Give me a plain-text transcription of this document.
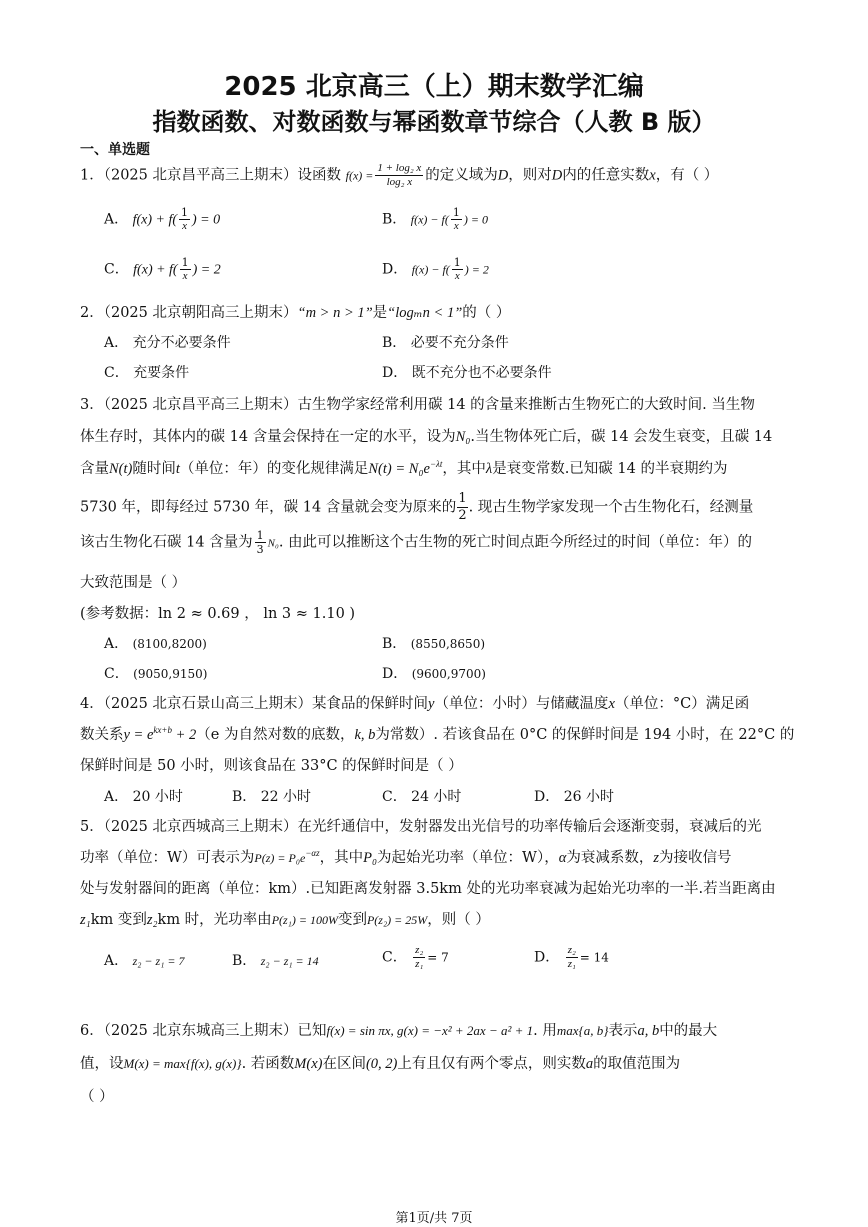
2025 北京高三（上）期末数学汇编
指数函数、对数函数与幂函数章节综合（人教 B 版）
一、单选题
1．（2025 北京昌平高三上期末）设函数 $f(x) = \frac{\text{1 + log₂ x}}{\text{log₂ x}}$ 的定义域为D，则对D内的任意实数x，有（ ）
A． $f(x) + f( \frac{1}{x}$ ) = 0	B． $f(x) - f( \frac{1}{x}$ ) = 0
C． $f(x) + f( \frac{1}{x}$ ) = 2	D． $f(x) - f( \frac{1}{x}$ ) = 2
2．（2025 北京朝阳高三上期末）“m > n > 1”是“logₘn < 1”的（ ）
A． 充分不必要条件	B． 必要不充分条件
C． 充要条件	D． 既不充分也不必要条件
3．（2025 北京昌平高三上期末）古生物学家经常利用碳 14 的含量来推断古生物死亡的大致时间. 当生物
体生存时，其体内的碳 14 含量会保持在一定的水平，设为N₀.当生物体死亡后，碳 14 会发生衰变，且碳 14
含量N(t)随时间t（单位：年）的变化规律满足$N(t) = N_0e^{-\lambda t}$，其中λ是衰变常数.已知碳 14 的半衰期约为
5730 年，即每经过 5730 年，碳 14 含量就会变为原来的 $\frac{1}{2}$ . 现古生物学家发现一个古生物化石，经测量
该古生物化石碳 14 含量为 $\frac{1}{3} N_0$. 由此可以推断这个古生物的死亡时间点距今所经过的时间（单位：年）的
大致范围是（ ）
(参考数据：ln 2 ≈ 0.69 ， ln 3 ≈ 1.10 )
A． (8100,8200)	B． (8550,8650)
C． (9050,9150)	D． (9600,9700)
4．（2025 北京石景山高三上期末）某食品的保鲜时间y（单位：小时）与储藏温度x（单位：°C）满足函
数关系$y = e^{kx+b} + 2(e$ 为自然对数的底数，k, b为常数）. 若该食品在 0°C 的保鲜时间是 194 小时，在 22°C 的
保鲜时间是 50 小时，则该食品在 33°C 的保鲜时间是（ ）
A． 20 小时	B． 22 小时	C． 24 小时	D． 26 小时
5．（2025 北京西城高三上期末）在光纤通信中，发射器发出光信号的功率传输后会逐渐变弱，衰减后的光
功率（单位：W）可表示为$P(z) = P_0e^{-\alpha z}$，其中P₀为起始光功率（单位：W），α为衰减系数，z为接收信号
处与发射器间的距离（单位：km）.已知距离发射器 3.5km 处的光功率衰减为起始光功率的一半.若当距离由
z₁km 变到z₂km 时，光功率由P(z₁) = 100W变到P(z₂) = 25W，则（ ）
A． z₂ − z₁ = 7	B． z₂ − z₁ = 14	C． $\frac{\text{z₂}}{\text{z₁}} = 7$	D． $\frac{\text{z₂}}{\text{z₁}} = 14$
6．（2025 北京东城高三上期末）已知f(x) = sin πx, g(x) = −x² + 2ax − a² + 1. 用max{a, b}表示a, b中的最大
值，设M(x) = max{f(x), g(x)}. 若函数M(x)在区间(0, 2)上有且仅有两个零点，则实数a的取值范围为
（ ）
第1页/共 7页
